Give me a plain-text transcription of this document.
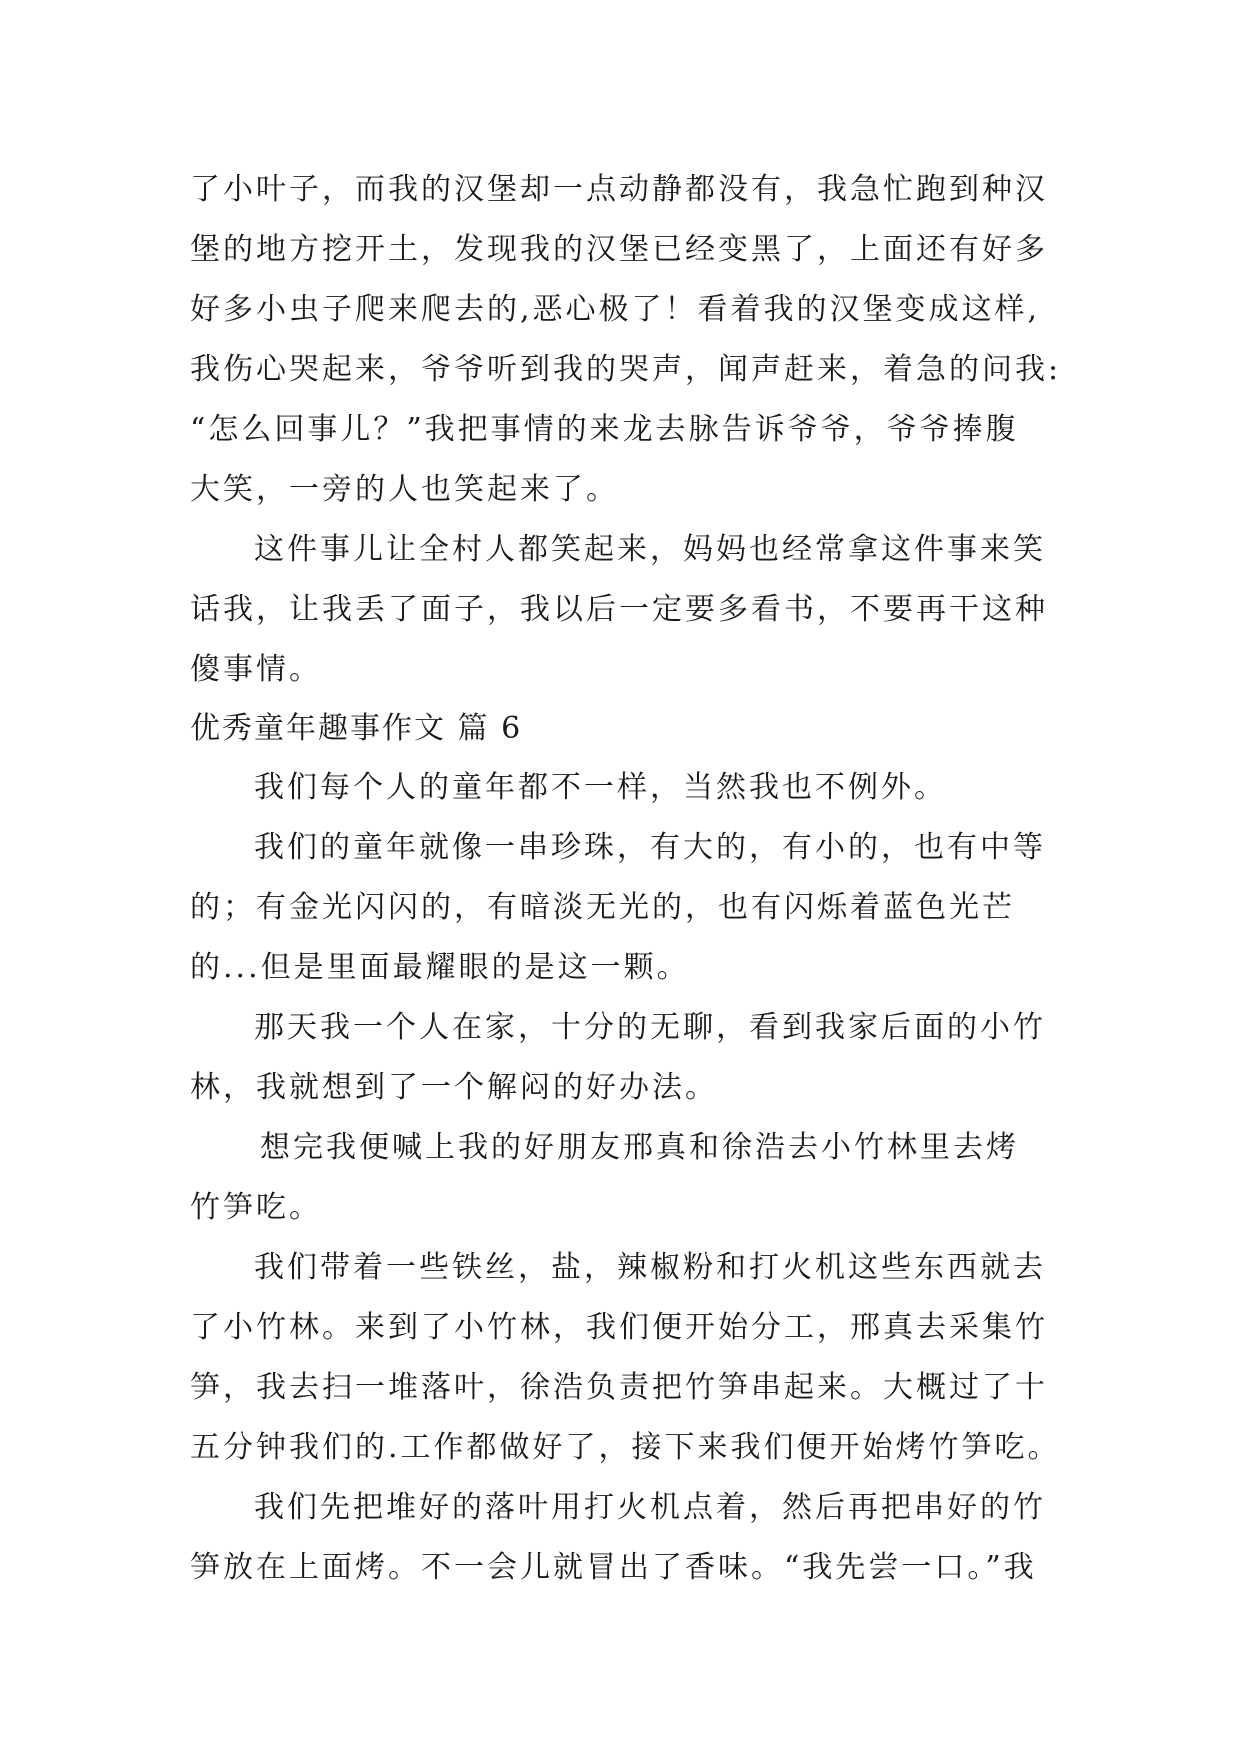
了小叶子，而我的汉堡却一点动静都没有，我急忙跑到种汉
堡的地方挖开土，发现我的汉堡已经变黑了，上面还有好多
好多小虫子爬来爬去的,恶心极了！看着我的汉堡变成这样,
我伤心哭起来，爷爷听到我的哭声，闻声赶来，着急的问我:
“怎么回事儿？”我把事情的来龙去脉告诉爷爷，爷爷捧腹
大笑，一旁的人也笑起来了。
这件事儿让全村人都笑起来，妈妈也经常拿这件事来笑
话我，让我丢了面子，我以后一定要多看书，不要再干这种
傻事情。
优秀童年趣事作文 篇 6
我们每个人的童年都不一样，当然我也不例外。
我们的童年就像一串珍珠，有大的，有小的，也有中等
的；有金光闪闪的，有暗淡无光的，也有闪烁着蓝色光芒
的...但是里面最耀眼的是这一颗。
那天我一个人在家，十分的无聊，看到我家后面的小竹
林，我就想到了一个解闷的好办法。
想完我便喊上我的好朋友邢真和徐浩去小竹林里去烤
竹笋吃。
我们带着一些铁丝，盐，辣椒粉和打火机这些东西就去
了小竹林。来到了小竹林，我们便开始分工，邢真去采集竹
笋，我去扫一堆落叶，徐浩负责把竹笋串起来。大概过了十
五分钟我们的.工作都做好了，接下来我们便开始烤竹笋吃。
我们先把堆好的落叶用打火机点着，然后再把串好的竹
笋放在上面烤。不一会儿就冒出了香味。“我先尝一口。”我
